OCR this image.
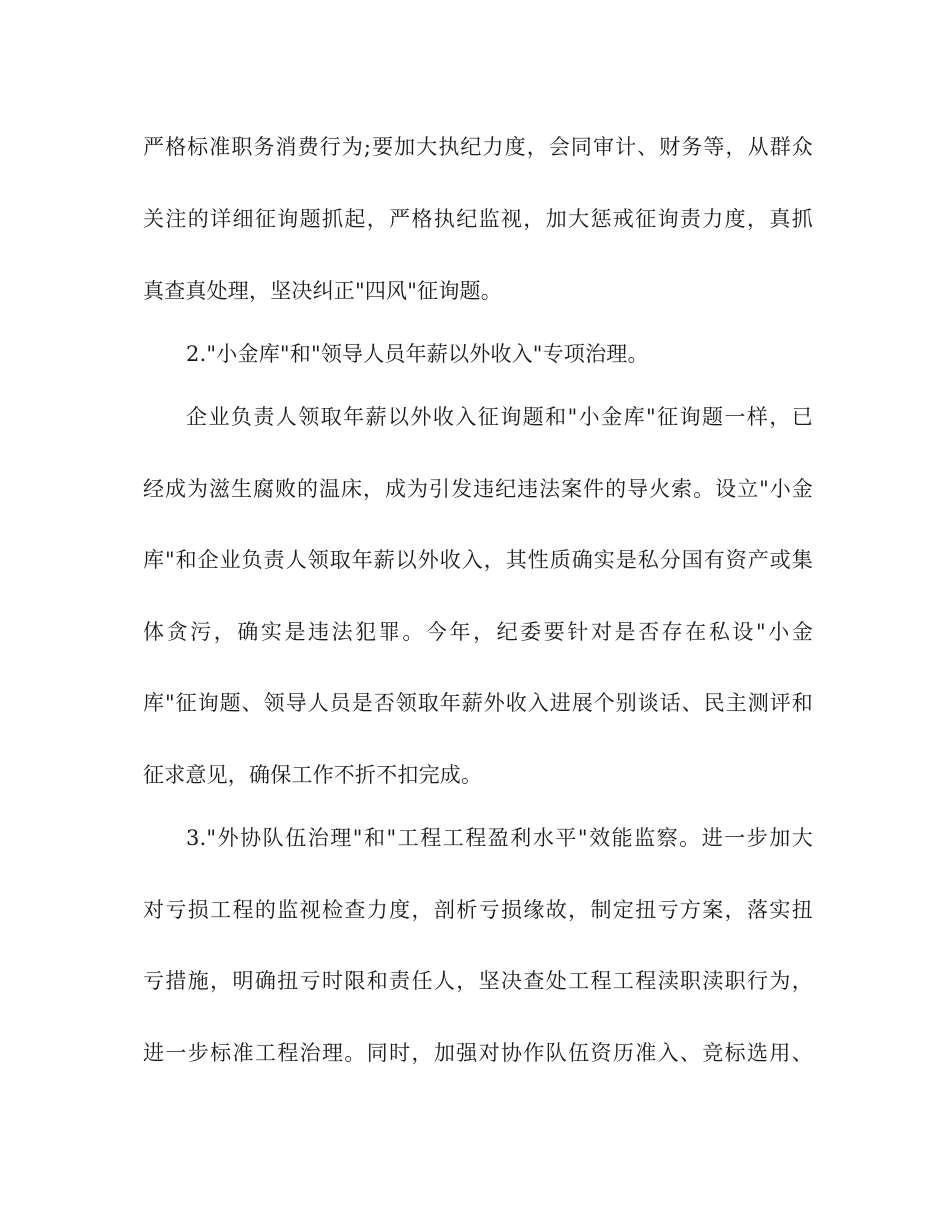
严格标准职务消费行为;要加大执纪力度，会同审计、财务等，从群众
关注的详细征询题抓起，严格执纪监视，加大惩戒征询责力度，真抓
真查真处理，坚决纠正"四风"征询题。
2."小金库"和"领导人员年薪以外收入"专项治理。
企业负责人领取年薪以外收入征询题和"小金库"征询题一样，已
经成为滋生腐败的温床，成为引发违纪违法案件的导火索。设立"小金
库"和企业负责人领取年薪以外收入，其性质确实是私分国有资产或集
体贪污，确实是违法犯罪。今年，纪委要针对是否存在私设"小金
库"征询题、领导人员是否领取年薪外收入进展个别谈话、民主测评和
征求意见，确保工作不折不扣完成。
3."外协队伍治理"和"工程工程盈利水平"效能监察。进一步加大
对亏损工程的监视检查力度，剖析亏损缘故，制定扭亏方案，落实扭
亏措施，明确扭亏时限和责任人，坚决查处工程工程渎职渎职行为，
进一步标准工程治理。同时，加强对协作队伍资历准入、竞标选用、
